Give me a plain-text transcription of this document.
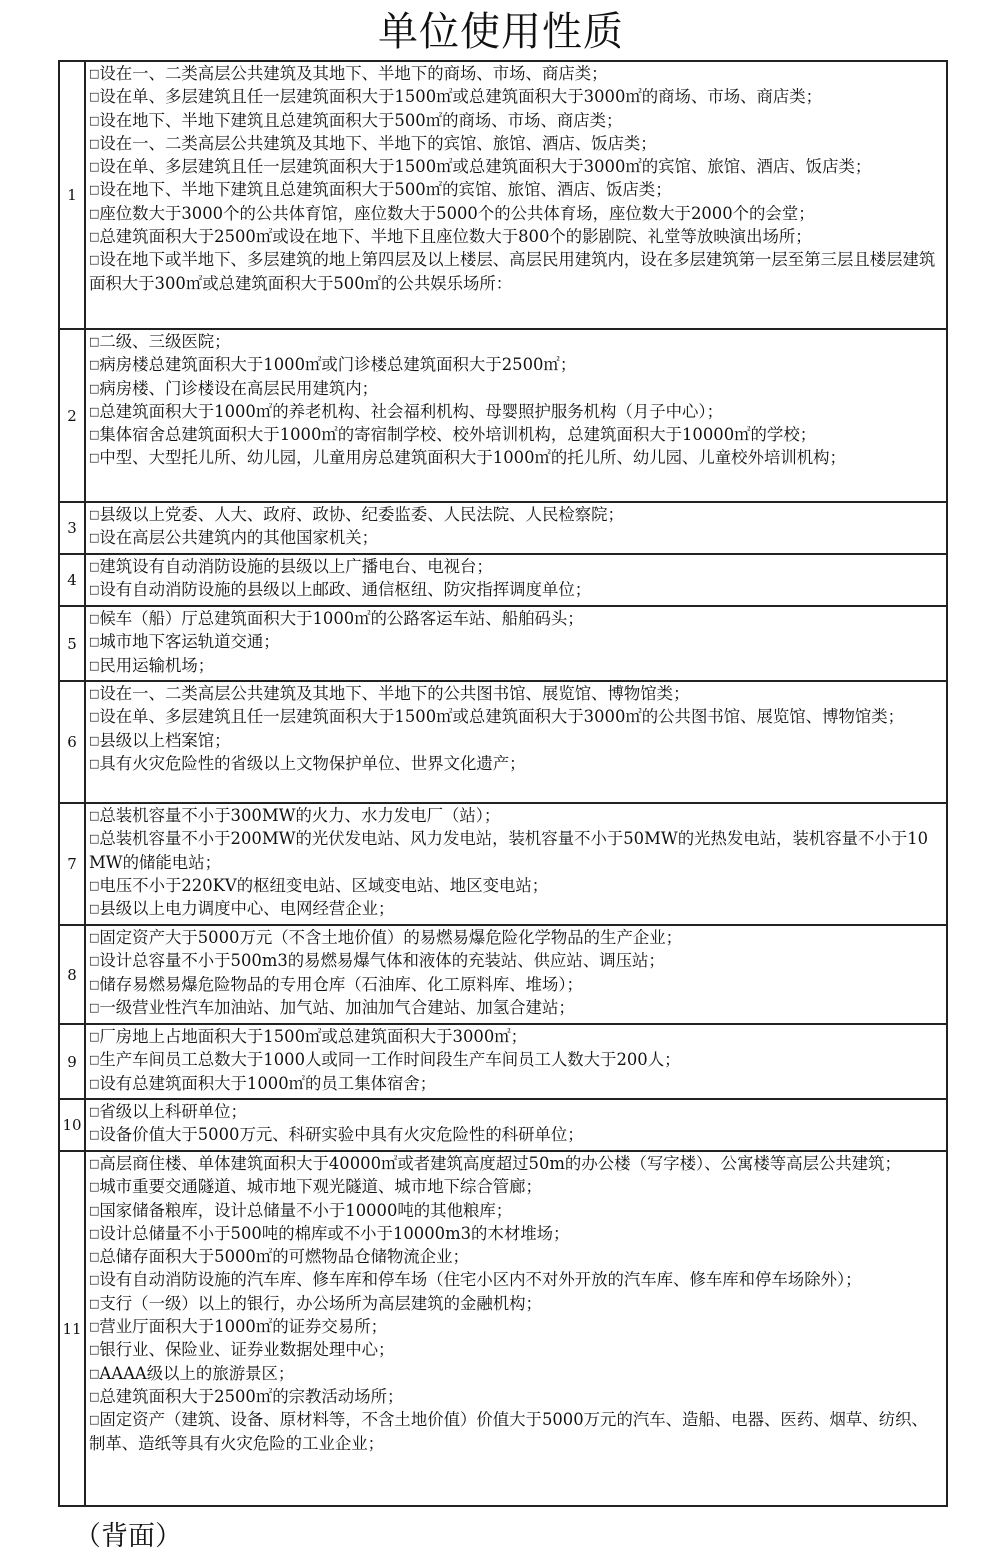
单位使用性质
1
□设在一、二类高层公共建筑及其地下、半地下的商场、市场、商店类；
□设在单、多层建筑且任一层建筑面积大于1500㎡或总建筑面积大于3000㎡的商场、市场、商店类；
□设在地下、半地下建筑且总建筑面积大于500㎡的商场、市场、商店类；
□设在一、二类高层公共建筑及其地下、半地下的宾馆、旅馆、酒店、饭店类；
□设在单、多层建筑且任一层建筑面积大于1500㎡或总建筑面积大于3000㎡的宾馆、旅馆、酒店、饭店类；
□设在地下、半地下建筑且总建筑面积大于500㎡的宾馆、旅馆、酒店、饭店类；
□座位数大于3000个的公共体育馆，座位数大于5000个的公共体育场，座位数大于2000个的会堂；
□总建筑面积大于2500㎡或设在地下、半地下且座位数大于800个的影剧院、礼堂等放映演出场所；
□设在地下或半地下、多层建筑的地上第四层及以上楼层、高层民用建筑内，设在多层建筑第一层至第三层且楼层建筑面积大于300㎡或总建筑面积大于500㎡的公共娱乐场所：
2
□二级、三级医院；
□病房楼总建筑面积大于1000㎡或门诊楼总建筑面积大于2500㎡；
□病房楼、门诊楼设在高层民用建筑内；
□总建筑面积大于1000㎡的养老机构、社会福利机构、母婴照护服务机构（月子中心）；
□集体宿舍总建筑面积大于1000㎡的寄宿制学校、校外培训机构，总建筑面积大于10000㎡的学校；
□中型、大型托儿所、幼儿园，儿童用房总建筑面积大于1000㎡的托儿所、幼儿园、儿童校外培训机构；
3
□县级以上党委、人大、政府、政协、纪委监委、人民法院、人民检察院；
□设在高层公共建筑内的其他国家机关；
4
□建筑设有自动消防设施的县级以上广播电台、电视台；
□设有自动消防设施的县级以上邮政、通信枢纽、防灾指挥调度单位；
5
□候车（船）厅总建筑面积大于1000㎡的公路客运车站、船舶码头；
□城市地下客运轨道交通；
□民用运输机场；
6
□设在一、二类高层公共建筑及其地下、半地下的公共图书馆、展览馆、博物馆类；
□设在单、多层建筑且任一层建筑面积大于1500㎡或总建筑面积大于3000㎡的公共图书馆、展览馆、博物馆类；
□县级以上档案馆；
□具有火灾危险性的省级以上文物保护单位、世界文化遗产；
7
□总装机容量不小于300MW的火力、水力发电厂（站）；
□总装机容量不小于200MW的光伏发电站、风力发电站，装机容量不小于50MW的光热发电站，装机容量不小于10MW的储能电站；
□电压不小于220KV的枢纽变电站、区域变电站、地区变电站；
□县级以上电力调度中心、电网经营企业；
8
□固定资产大于5000万元（不含土地价值）的易燃易爆危险化学物品的生产企业；
□设计总容量不小于500m3的易燃易爆气体和液体的充装站、供应站、调压站；
□储存易燃易爆危险物品的专用仓库（石油库、化工原料库、堆场）；
□一级营业性汽车加油站、加气站、加油加气合建站、加氢合建站；
9
□厂房地上占地面积大于1500㎡或总建筑面积大于3000㎡；
□生产车间员工总数大于1000人或同一工作时间段生产车间员工人数大于200人；
□设有总建筑面积大于1000㎡的员工集体宿舍；
10
□省级以上科研单位；
□设备价值大于5000万元、科研实验中具有火灾危险性的科研单位；
11
□高层商住楼、单体建筑面积大于40000㎡或者建筑高度超过50m的办公楼（写字楼）、公寓楼等高层公共建筑；
□城市重要交通隧道、城市地下观光隧道、城市地下综合管廊；
□国家储备粮库，设计总储量不小于10000吨的其他粮库；
□设计总储量不小于500吨的棉库或不小于10000m3的木材堆场；
□总储存面积大于5000㎡的可燃物品仓储物流企业；
□设有自动消防设施的汽车库、修车库和停车场（住宅小区内不对外开放的汽车库、修车库和停车场除外）；
□支行（一级）以上的银行，办公场所为高层建筑的金融机构；
□营业厅面积大于1000㎡的证券交易所；
□银行业、保险业、证券业数据处理中心；
□AAAA级以上的旅游景区；
□总建筑面积大于2500㎡的宗教活动场所；
□固定资产（建筑、设备、原材料等，不含土地价值）价值大于5000万元的汽车、造船、电器、医药、烟草、纺织、制革、造纸等具有火灾危险的工业企业；
（背面）
